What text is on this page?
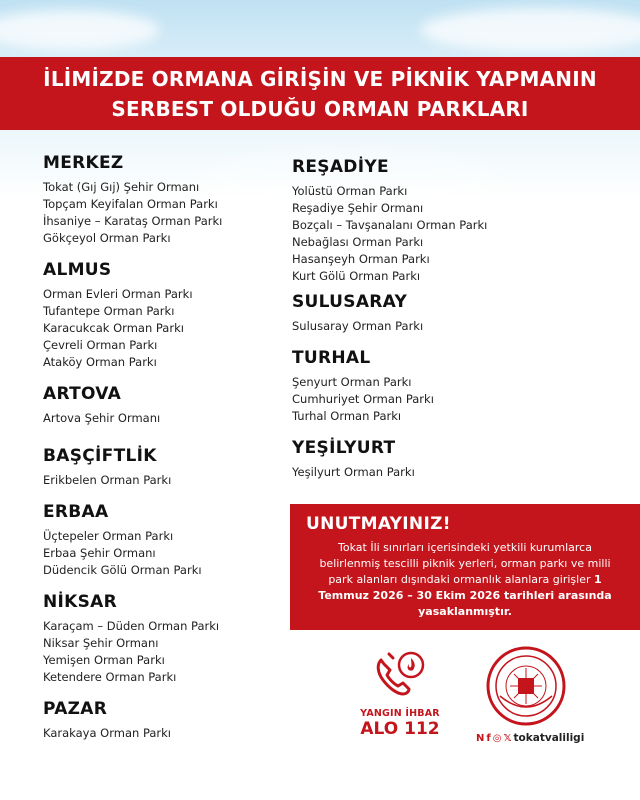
İLİMİZDE ORMANA GİRİŞİN VE PİKNİK YAPMANIN
SERBEST OLDUĞU ORMAN PARKLARI
MERKEZ
Tokat (Gıj Gıj) Şehir Ormanı
Topçam Keyifalan Orman Parkı
İhsaniye – Karataş Orman Parkı
Gökçeyol Orman Parkı
ALMUS
Orman Evleri Orman Parkı
Tufantepe Orman Parkı
Karacukcak Orman Parkı
Çevreli Orman Parkı
Ataköy Orman Parkı
ARTOVA
Artova Şehir Ormanı
BAŞÇİFTLİK
Erikbelen Orman Parkı
ERBAA
Üçtepeler Orman Parkı
Erbaa Şehir Ormanı
Düdencik Gölü Orman Parkı
NİKSAR
Karaçam – Düden Orman Parkı
Niksar Şehir Ormanı
Yemişen Orman Parkı
Ketendere Orman Parkı
PAZAR
Karakaya Orman Parkı
REŞADİYE
Yolüstü Orman Parkı
Reşadiye Şehir Ormanı
Bozçalı – Tavşanalanı Orman Parkı
Nebağlası Orman Parkı
Hasanşeyh Orman Parkı
Kurt Gölü Orman Parkı
SULUSARAY
Sulusaray Orman Parkı
TURHAL
Şenyurt Orman Parkı
Cumhuriyet Orman Parkı
Turhal Orman Parkı
YEŞİLYURT
Yeşilyurt Orman Parkı
UNUTMAYINIZ!

Tokat İli sınırları içerisindeki yetkili kurumlarca belirlenmiş tescilli piknik yerleri, orman parkı ve milli park alanları dışındaki ormanlık alanlara girişler 1 Temmuz 2026 – 30 Ekim 2026 tarihleri arasında yasaklanmıştır.

YANGIN İHBAR
ALO 112	N f ◎ 𝕏 tokatvaliligi
